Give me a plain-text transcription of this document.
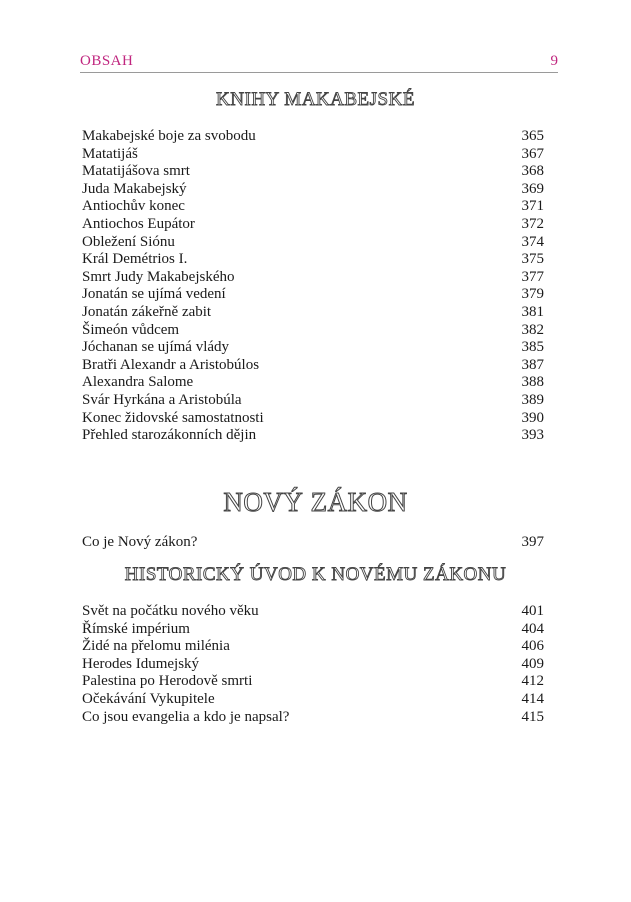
OBSAH	9
KNIHY MAKABEJSKÉ
Makabejské boje za svobodu	365
Matatijáš	367
Matatijášova smrt	368
Juda Makabejský	369
Antiochův konec	371
Antiochos Eupátor	372
Obležení Siónu	374
Král Demétrios I.	375
Smrt Judy Makabejského	377
Jonatán se ujímá vedení	379
Jonatán zákeřně zabit	381
Šimeón vůdcem	382
Jóchanan se ujímá vlády	385
Bratři Alexandr a Aristobúlos	387
Alexandra Salome	388
Svár Hyrkána a Aristobúla	389
Konec židovské samostatnosti	390
Přehled starozákonních dějin	393
NOVÝ ZÁKON
Co je Nový zákon?	397
HISTORICKÝ ÚVOD K NOVÉMU ZÁKONU
Svět na počátku nového věku	401
Římské impérium	404
Židé na přelomu milénia	406
Herodes Idumejský	409
Palestina po Herodově smrti	412
Očekávání Vykupitele	414
Co jsou evangelia a kdo je napsal?	415
